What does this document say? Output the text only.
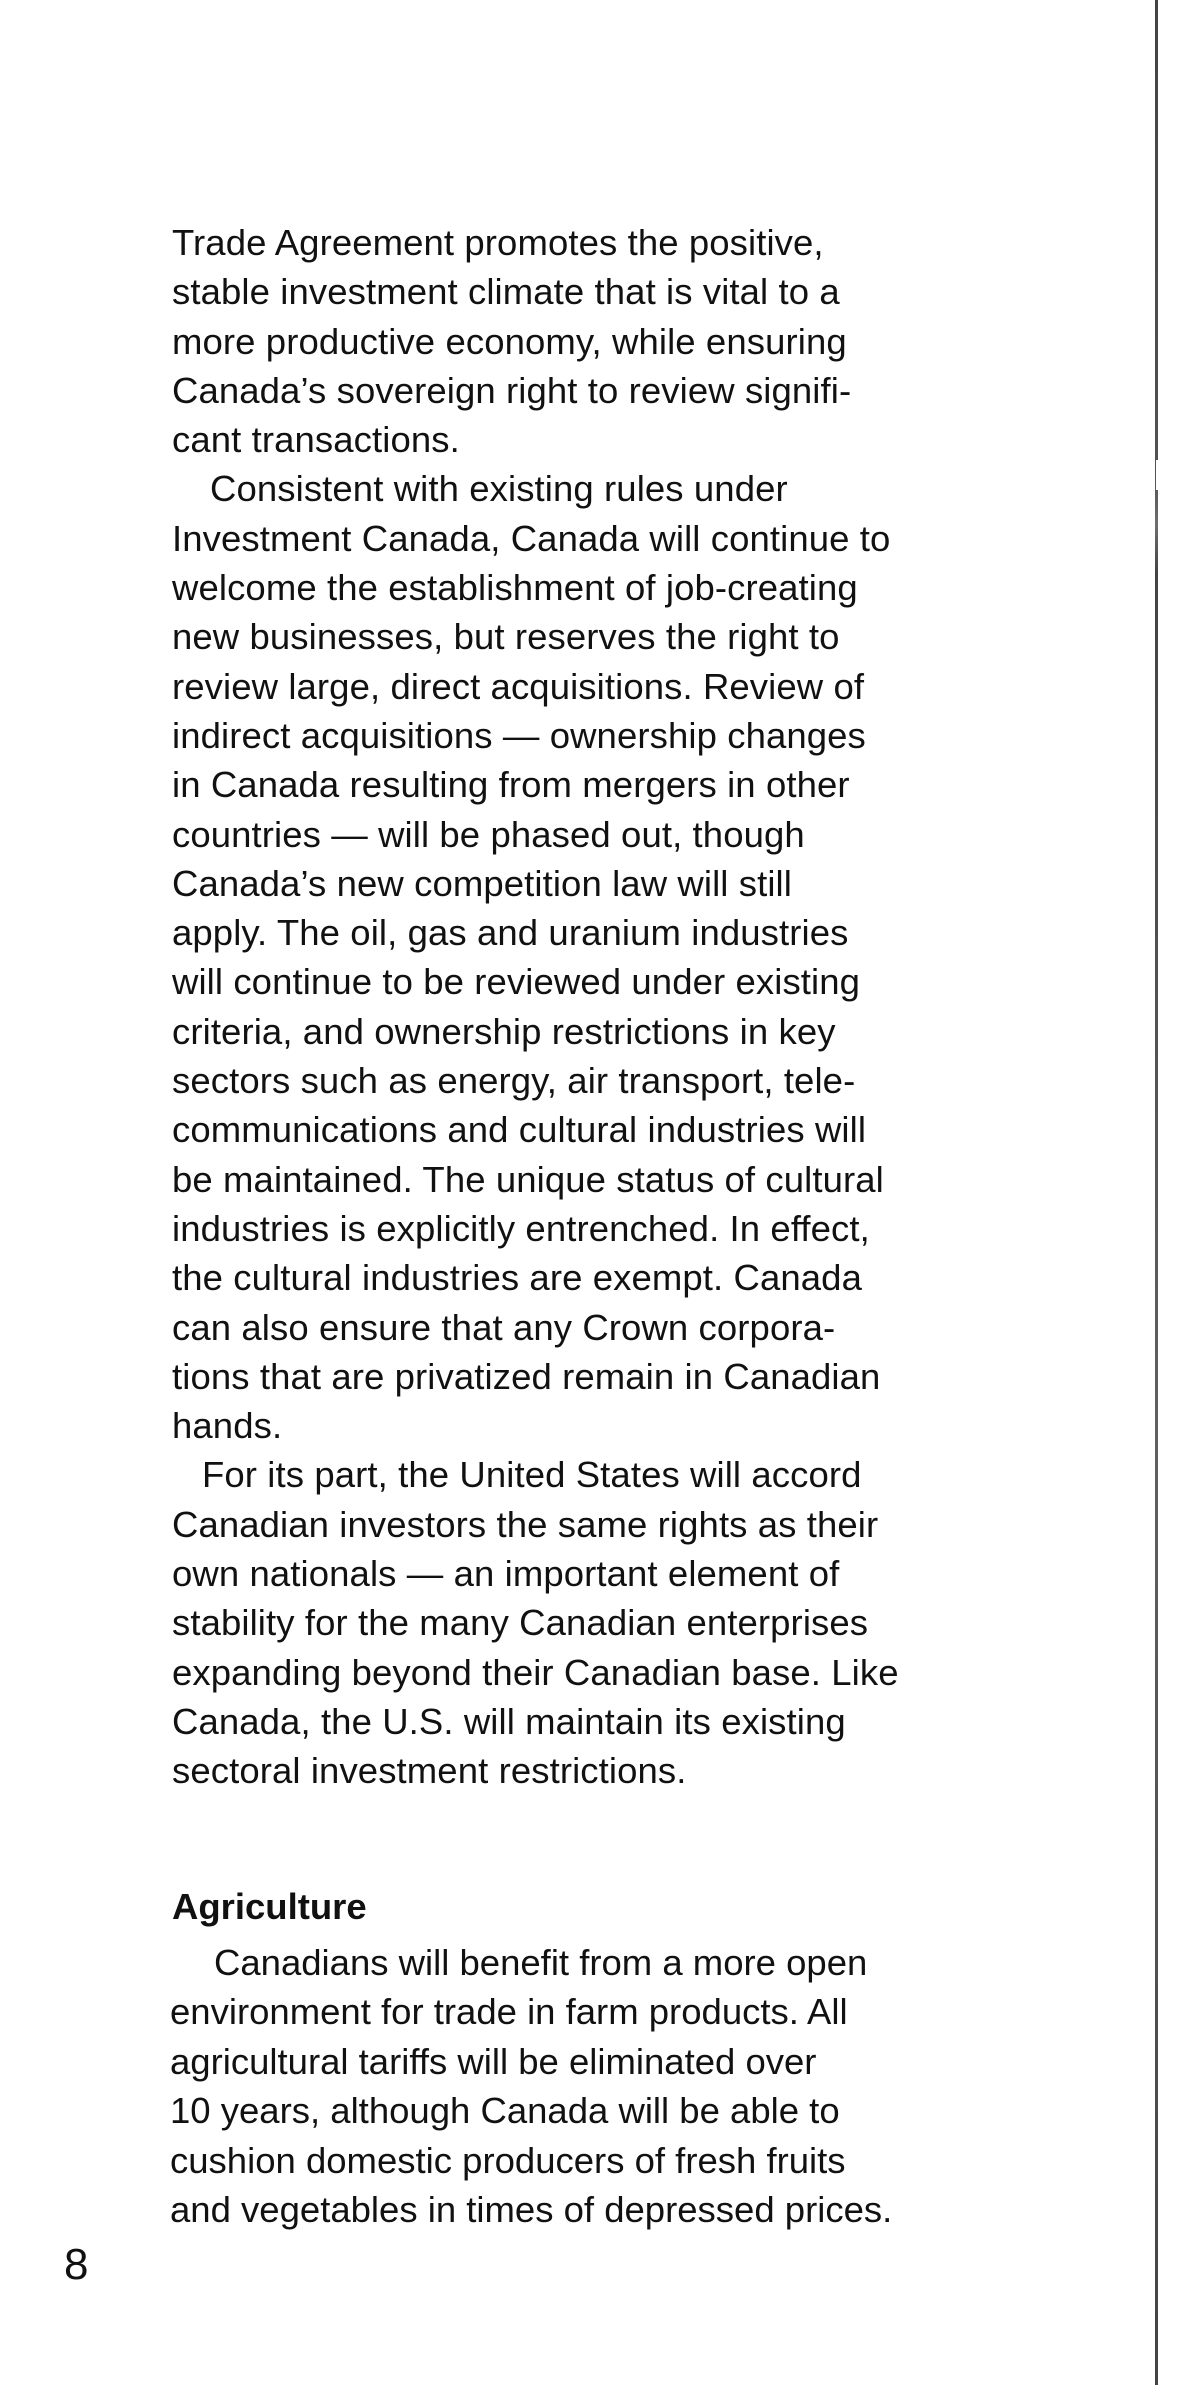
Trade Agreement promotes the positive,
stable investment climate that is vital to a
more productive economy, while ensuring
Canada’s sovereign right to review signifi-
cant transactions.

Consistent with existing rules under
Investment Canada, Canada will continue to
welcome the establishment of job-creating
new businesses, but reserves the right to
review large, direct acquisitions. Review of
indirect acquisitions — ownership changes
in Canada resulting from mergers in other
countries — will be phased out, though
Canada’s new competition law will still
apply. The oil, gas and uranium industries
will continue to be reviewed under existing
criteria, and ownership restrictions in key
sectors such as energy, air transport, tele-
communications and cultural industries will
be maintained. The unique status of cultural
industries is explicitly entrenched. In effect,
the cultural industries are exempt. Canada
can also ensure that any Crown corpora-
tions that are privatized remain in Canadian
hands.

For its part, the United States will accord
Canadian investors the same rights as their
own nationals — an important element of
stability for the many Canadian enterprises
expanding beyond their Canadian base. Like
Canada, the U.S. will maintain its existing
sectoral investment restrictions.

Agriculture

Canadians will benefit from a more open
environment for trade in farm products. All
agricultural tariffs will be eliminated over
10 years, although Canada will be able to
cushion domestic producers of fresh fruits
and vegetables in times of depressed prices.

8
